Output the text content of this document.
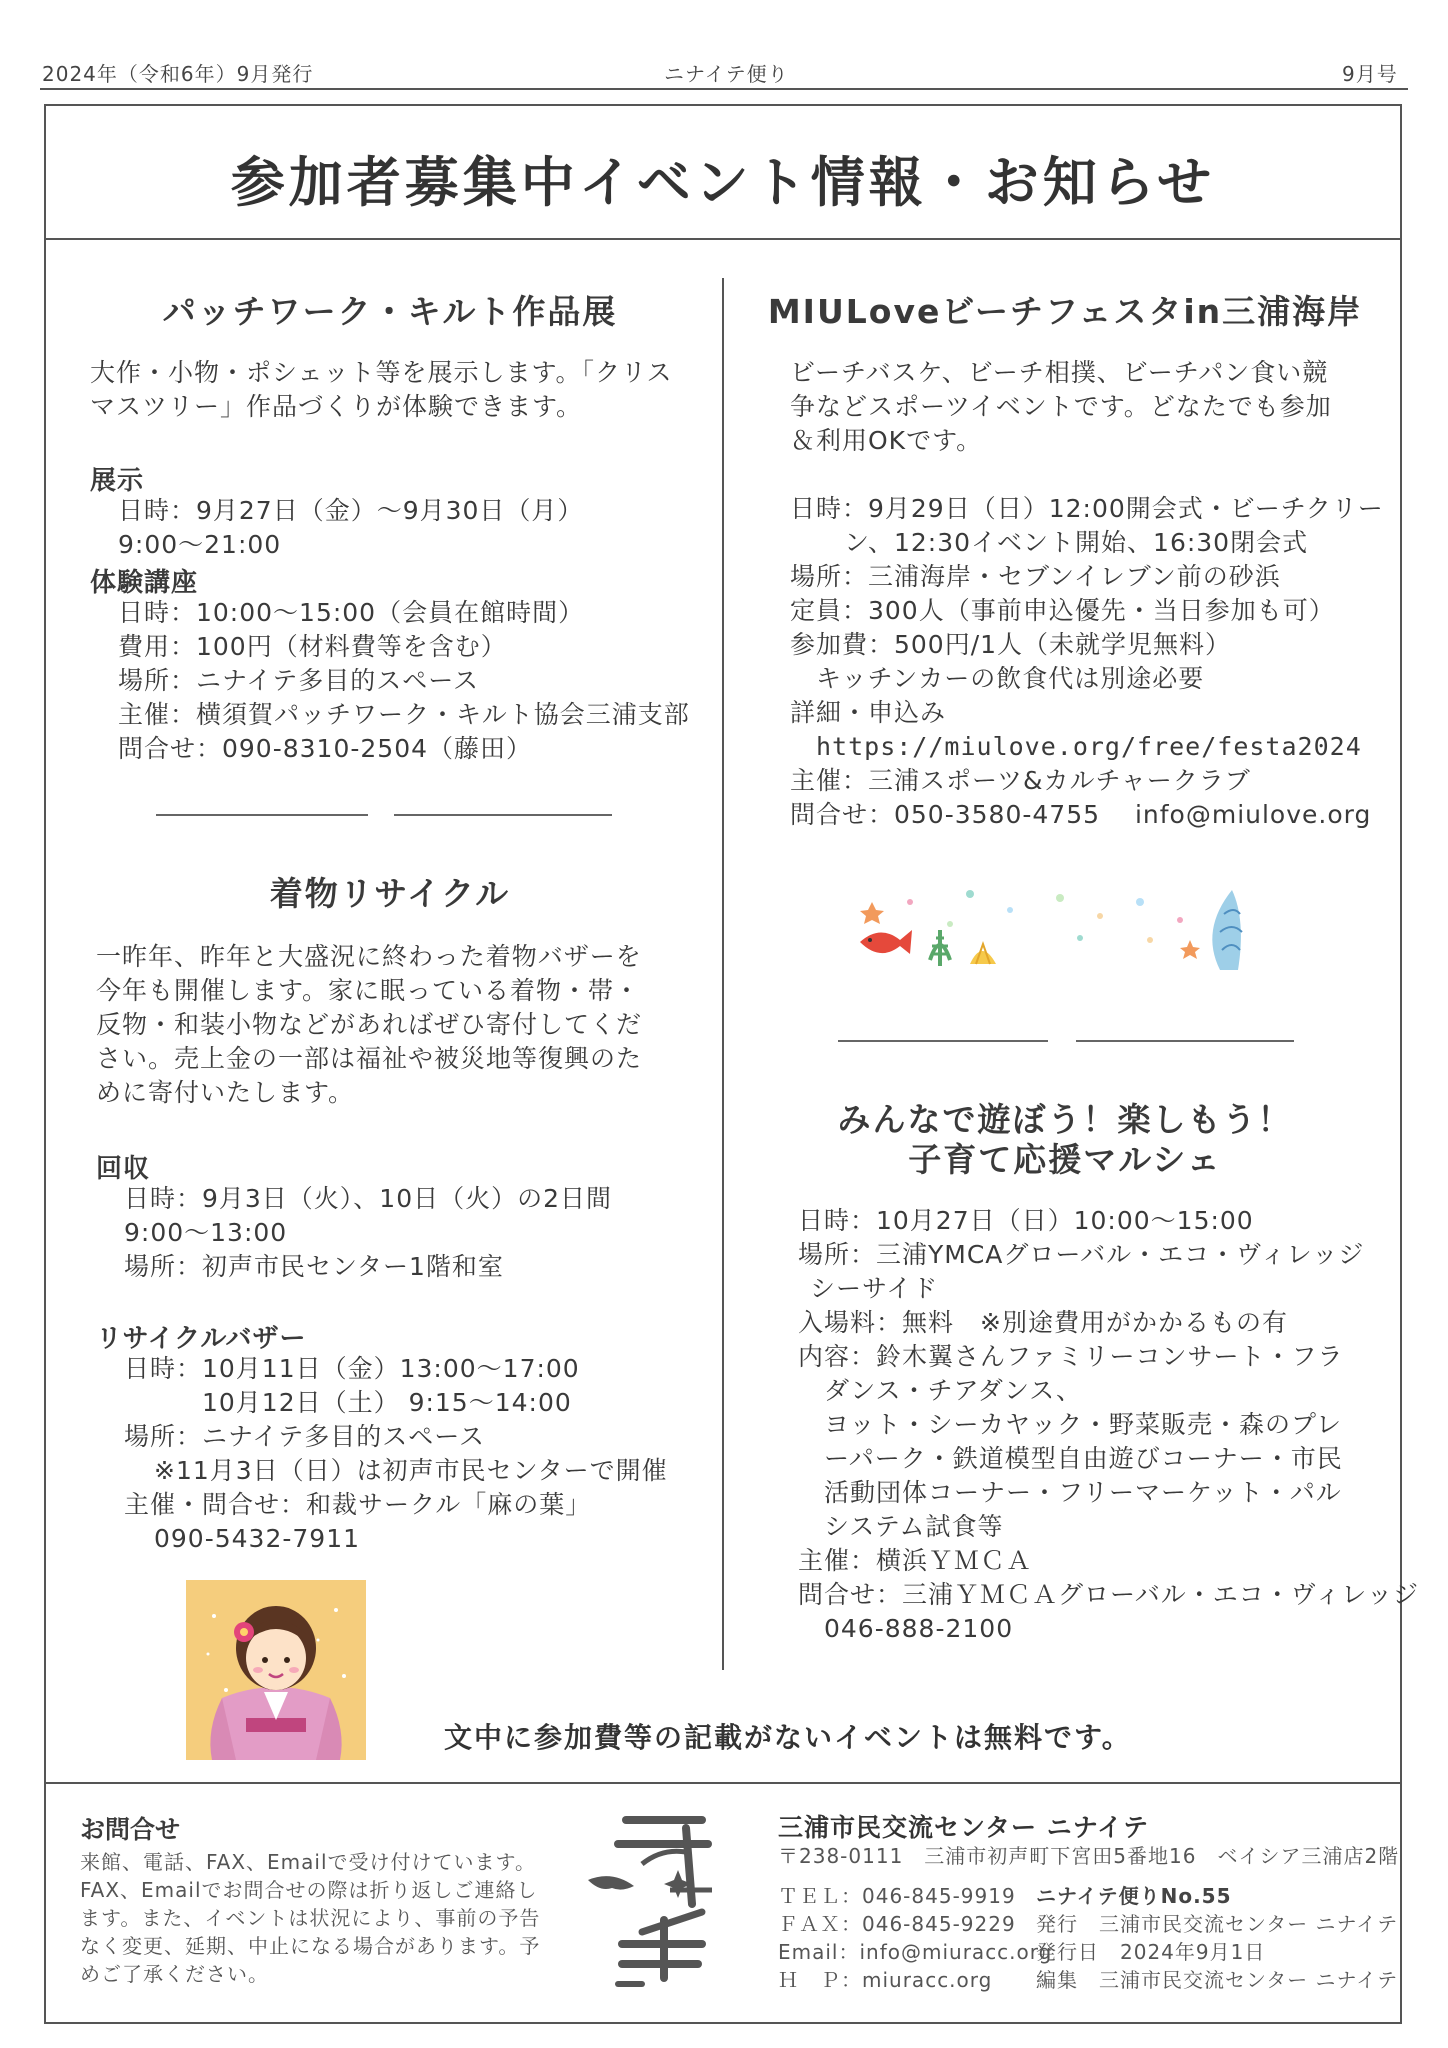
2024年（令和6年）9月発行	ニナイテ便り	9月号
参加者募集中イベント情報・お知らせ
パッチワーク・キルト作品展
大作・小物・ポシェット等を展示します。「クリス
マスツリー」作品づくりが体験できます。
展示
日時：9月27日（金）～9月30日（月）
9:00～21:00
体験講座
日時：10:00～15:00（会員在館時間）
費用：100円（材料費等を含む）
場所：ニナイテ多目的スペース
主催：横須賀パッチワーク・キルト協会三浦支部
問合せ：090-8310-2504（藤田）
着物リサイクル
一昨年、昨年と大盛況に終わった着物バザーを
今年も開催します。家に眠っている着物・帯・
反物・和装小物などがあればぜひ寄付してくだ
さい。売上金の一部は福祉や被災地等復興のた
めに寄付いたします。
回収
日時：9月3日（火）、10日（火）の2日間
9:00～13:00
場所：初声市民センター1階和室
リサイクルバザー
日時：10月11日（金）13:00～17:00
10月12日（土） 9:15～14:00
場所：ニナイテ多目的スペース
※11月3日（日）は初声市民センターで開催
主催・問合せ：和裁サークル「麻の葉」
090-5432-7911
MIULoveビーチフェスタin三浦海岸
ビーチバスケ、ビーチ相撲、ビーチパン食い競
争などスポーツイベントです。どなたでも参加
＆利用OKです。
日時：9月29日（日）12:00開会式・ビーチクリー
ン、12:30イベント開始、16:30閉会式
場所：三浦海岸・セブンイレブン前の砂浜
定員：300人（事前申込優先・当日参加も可）
参加費：500円/1人（未就学児無料）
キッチンカーの飲食代は別途必要
詳細・申込み
https://miulove.org/free/festa2024
主催：三浦スポーツ&カルチャークラブ
問合せ：050-3580-4755　 info@miulove.org
みんなで遊ぼう！楽しもう！
子育て応援マルシェ
日時：10月27日（日）10:00～15:00
場所：三浦YMCAグローバル・エコ・ヴィレッジ
シーサイド
入場料：無料　※別途費用がかかるもの有
内容：鈴木翼さんファミリーコンサート・フラ
ダンス・チアダンス、
ヨット・シーカヤック・野菜販売・森のプレ
ーパーク・鉄道模型自由遊びコーナー・市民
活動団体コーナー・フリーマーケット・パル
システム試食等
主催：横浜ＹＭＣＡ
問合せ：三浦ＹＭＣＡグローバル・エコ・ヴィレッジ
046-888-2100
文中に参加費等の記載がないイベントは無料です。
お問合せ
来館、電話、FAX、Emailで受け付けています。
FAX、Emailでお問合せの際は折り返しご連絡し
ます。また、イベントは状況により、事前の予告
なく変更、延期、中止になる場合があります。予
めご了承ください。
三浦市民交流センター ニナイテ
〒238-0111　三浦市初声町下宮田5番地16　ベイシア三浦店2階
ＴＥＬ：046-845-9919
ＦＡＸ：046-845-9229
Email：info@miuracc.org
Ｈ　Ｐ：miuracc.org
ニナイテ便りNo.55
発行　三浦市民交流センター ニナイテ
発行日　2024年9月1日
編集　三浦市民交流センター ニナイテ
